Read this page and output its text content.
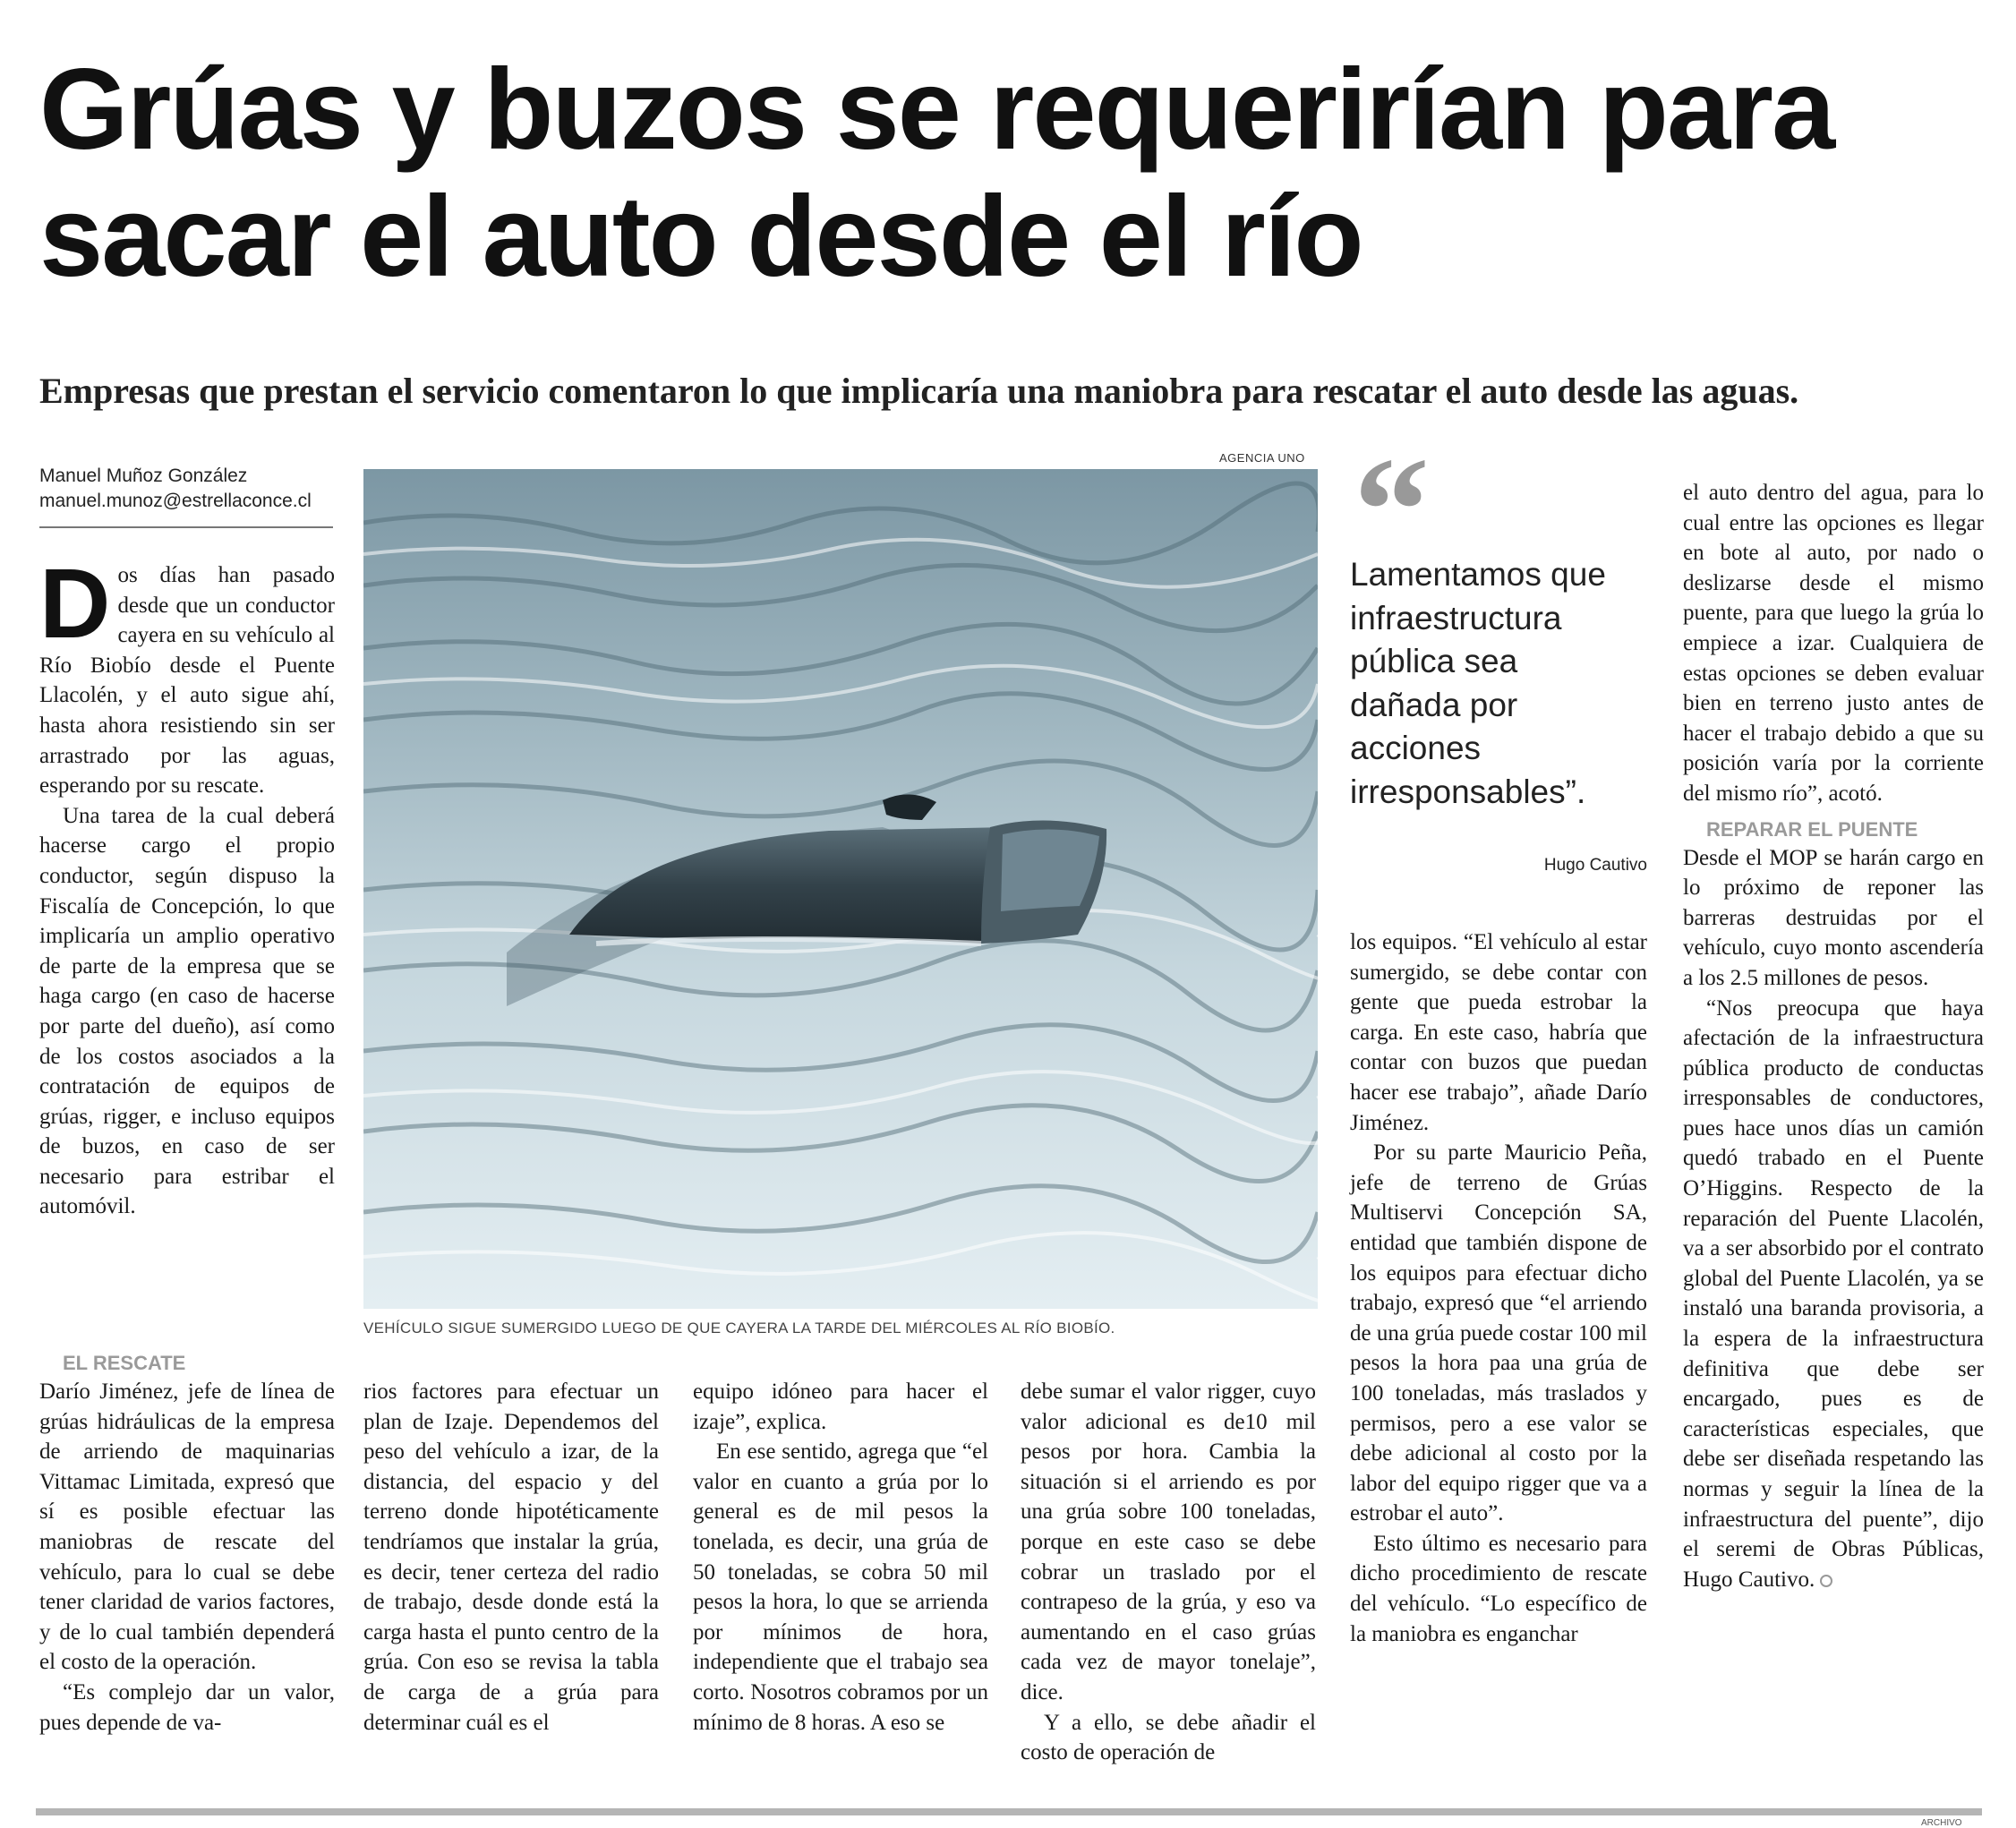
Grúas y buzos se requerirían para sacar el auto desde el río
Empresas que prestan el servicio comentaron lo que implicaría una maniobra para rescatar el auto desde las aguas.
Manuel Muñoz González
manuel.munoz@estrellaconce.cl
AGENCIA UNO
VEHÍCULO SIGUE SUMERGIDO LUEGO DE QUE CAYERA LA TARDE DEL MIÉRCOLES AL RÍO BIOBÍO.

Dos días han pasado desde que un conductor cayera en su vehículo al Río Biobío desde el Puente Llacolén, y el auto sigue ahí, hasta ahora resistiendo sin ser arrastrado por las aguas, esperando por su rescate.

Una tarea de la cual deberá hacerse cargo el propio conductor, según dispuso la Fiscalía de Concepción, lo que implicaría un amplio operativo de parte de la empresa que se haga cargo (en caso de hacerse por parte del dueño), así como de los costos asociados a la contratación de equipos de grúas, rigger, e incluso equipos de buzos, en caso de ser necesario para estribar el automóvil.

EL RESCATE

Darío Jiménez, jefe de línea de grúas hidráulicas de la empresa de arriendo de maquinarias Vittamac Limitada, expresó que sí es posible efectuar las maniobras de rescate del vehículo, para lo cual se debe tener claridad de varios factores, y de lo cual también dependerá el costo de la operación.

“Es complejo dar un valor, pues depende de va-

rios factores para efectuar un plan de Izaje. Dependemos del peso del vehículo a izar, de la distancia, del espacio y del terreno donde hipotéticamente tendríamos que instalar la grúa, es decir, tener certeza del radio de trabajo, desde donde está la carga hasta el punto centro de la grúa. Con eso se revisa la tabla de carga de a grúa para determinar cuál es el

equipo idóneo para hacer el izaje”, explica.

En ese sentido, agrega que “el valor en cuanto a grúa por lo general es de mil pesos la tonelada, es decir, una grúa de 50 toneladas, se cobra 50 mil pesos la hora, lo que se arrienda por mínimos de hora, independiente que el trabajo sea corto. Nosotros cobramos por un mínimo de 8 horas. A eso se

debe sumar el valor rigger, cuyo valor adicional es de10 mil pesos por hora. Cambia la situación si el arriendo es por una grúa sobre 100 toneladas, porque en este caso se debe cobrar un traslado por el contrapeso de la grúa, y eso va aumentando en el caso grúas cada vez de mayor tonelaje”, dice.

Y a ello, se debe añadir el costo de operación de

“
Lamentamos que infraestructura pública sea dañada por acciones irresponsables”.
Hugo Cautivo

los equipos. “El vehículo al estar sumergido, se debe contar con gente que pueda estrobar la carga. En este caso, habría que contar con buzos que puedan hacer ese trabajo”, añade Darío Jiménez.

Por su parte Mauricio Peña, jefe de terreno de Grúas Multiservi Concepción SA, entidad que también dispone de los equipos para efectuar dicho trabajo, expresó que “el arriendo de una grúa puede costar 100 mil pesos la hora paa una grúa de 100 toneladas, más traslados y permisos, pero a ese valor se debe adicional al costo por la labor del equipo rigger que va a estrobar el auto”.

Esto último es necesario para dicho procedimiento de rescate del vehículo. “Lo específico de la maniobra es enganchar

el auto dentro del agua, para lo cual entre las opciones es llegar en bote al auto, por nado o deslizarse desde el mismo puente, para que luego la grúa lo empiece a izar. Cualquiera de estas opciones se deben evaluar bien en terreno justo antes de hacer el trabajo debido a que su posición varía por la corriente del mismo río”, acotó.

REPARAR EL PUENTE

Desde el MOP se harán cargo en lo próximo de reponer las barreras destruidas por el vehículo, cuyo monto ascendería a los 2.5 millones de pesos.

“Nos preocupa que haya afectación de la infraestructura pública producto de conductas irresponsables de conductores, pues hace unos días un camión quedó trabado en el Puente O’Higgins. Respecto de la reparación del Puente Llacolén, va a ser absorbido por el contrato global del Puente Llacolén, ya se instaló una baranda provisoria, a la espera de la infraestructura definitiva que debe ser encargado, pues es de características especiales, que debe ser diseñada respetando las normas y seguir la línea de la infraestructura del puente”, dijo el seremi de Obras Públicas, Hugo Cautivo.

ARCHIVO
